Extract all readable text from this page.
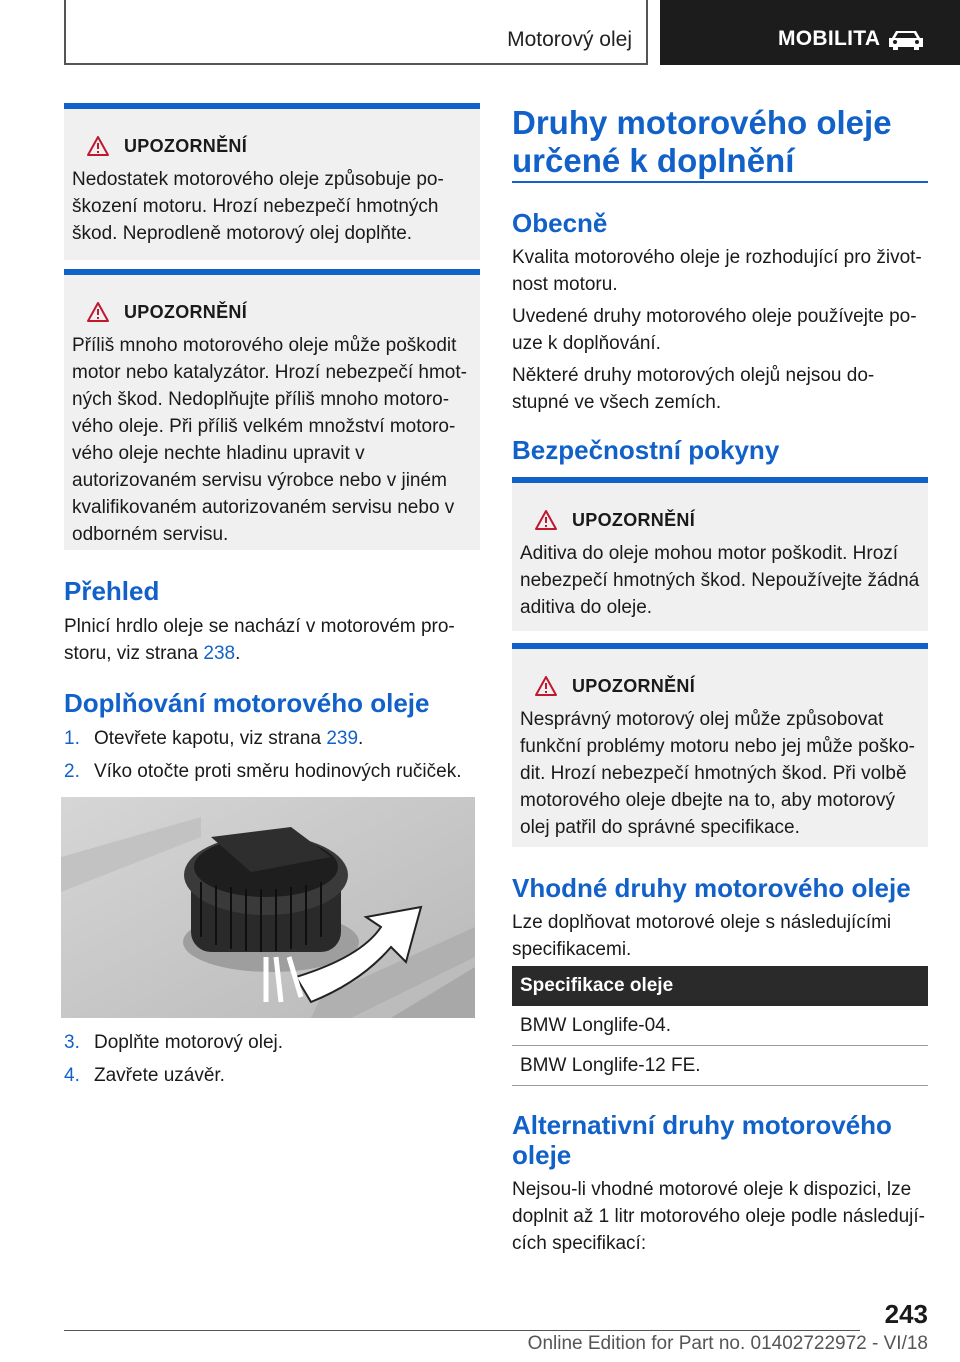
Motorový olej	MOBILITA
UPOZORNĚNÍ
Nedostatek motorového oleje způsobuje po-
škození motoru. Hrozí nebezpečí hmotných
škod. Neprodleně motorový olej doplňte.
UPOZORNĚNÍ
Příliš mnoho motorového oleje může poškodit
motor nebo katalyzátor. Hrozí nebezpečí hmot-
ných škod. Nedoplňujte příliš mnoho motoro-
vého oleje. Při příliš velkém množství motoro-
vého oleje nechte hladinu upravit v
autorizovaném servisu výrobce nebo v jiném
kvalifikovaném autorizovaném servisu nebo v
odborném servisu.
Přehled
Plnicí hrdlo oleje se nachází v motorovém pro-
storu, viz strana 238.
Doplňování motorového oleje
1. Otevřete kapotu, viz strana 239.
2. Víko otočte proti směru hodinových ručiček.
3. Doplňte motorový olej.
4. Zavřete uzávěr.
Druhy motorového oleje
určené k doplnění
Obecně
Kvalita motorového oleje je rozhodující pro život-
nost motoru.
Uvedené druhy motorového oleje používejte po-
uze k doplňování.
Některé druhy motorových olejů nejsou do-
stupné ve všech zemích.
Bezpečnostní pokyny
UPOZORNĚNÍ
Aditiva do oleje mohou motor poškodit. Hrozí
nebezpečí hmotných škod. Nepoužívejte žádná
aditiva do oleje.
UPOZORNĚNÍ
Nesprávný motorový olej může způsobovat
funkční problémy motoru nebo jej může poško-
dit. Hrozí nebezpečí hmotných škod. Při volbě
motorového oleje dbejte na to, aby motorový
olej patřil do správné specifikace.
Vhodné druhy motorového oleje
Lze doplňovat motorové oleje s následujícími
specifikacemi.
Specifikace oleje
BMW Longlife-04.
BMW Longlife-12 FE.
Alternativní druhy motorového
oleje
Nejsou-li vhodné motorové oleje k dispozici, lze
doplnit až 1 litr motorového oleje podle následují-
cích specifikací:
243
Online Edition for Part no. 01402722972 - VI/18
